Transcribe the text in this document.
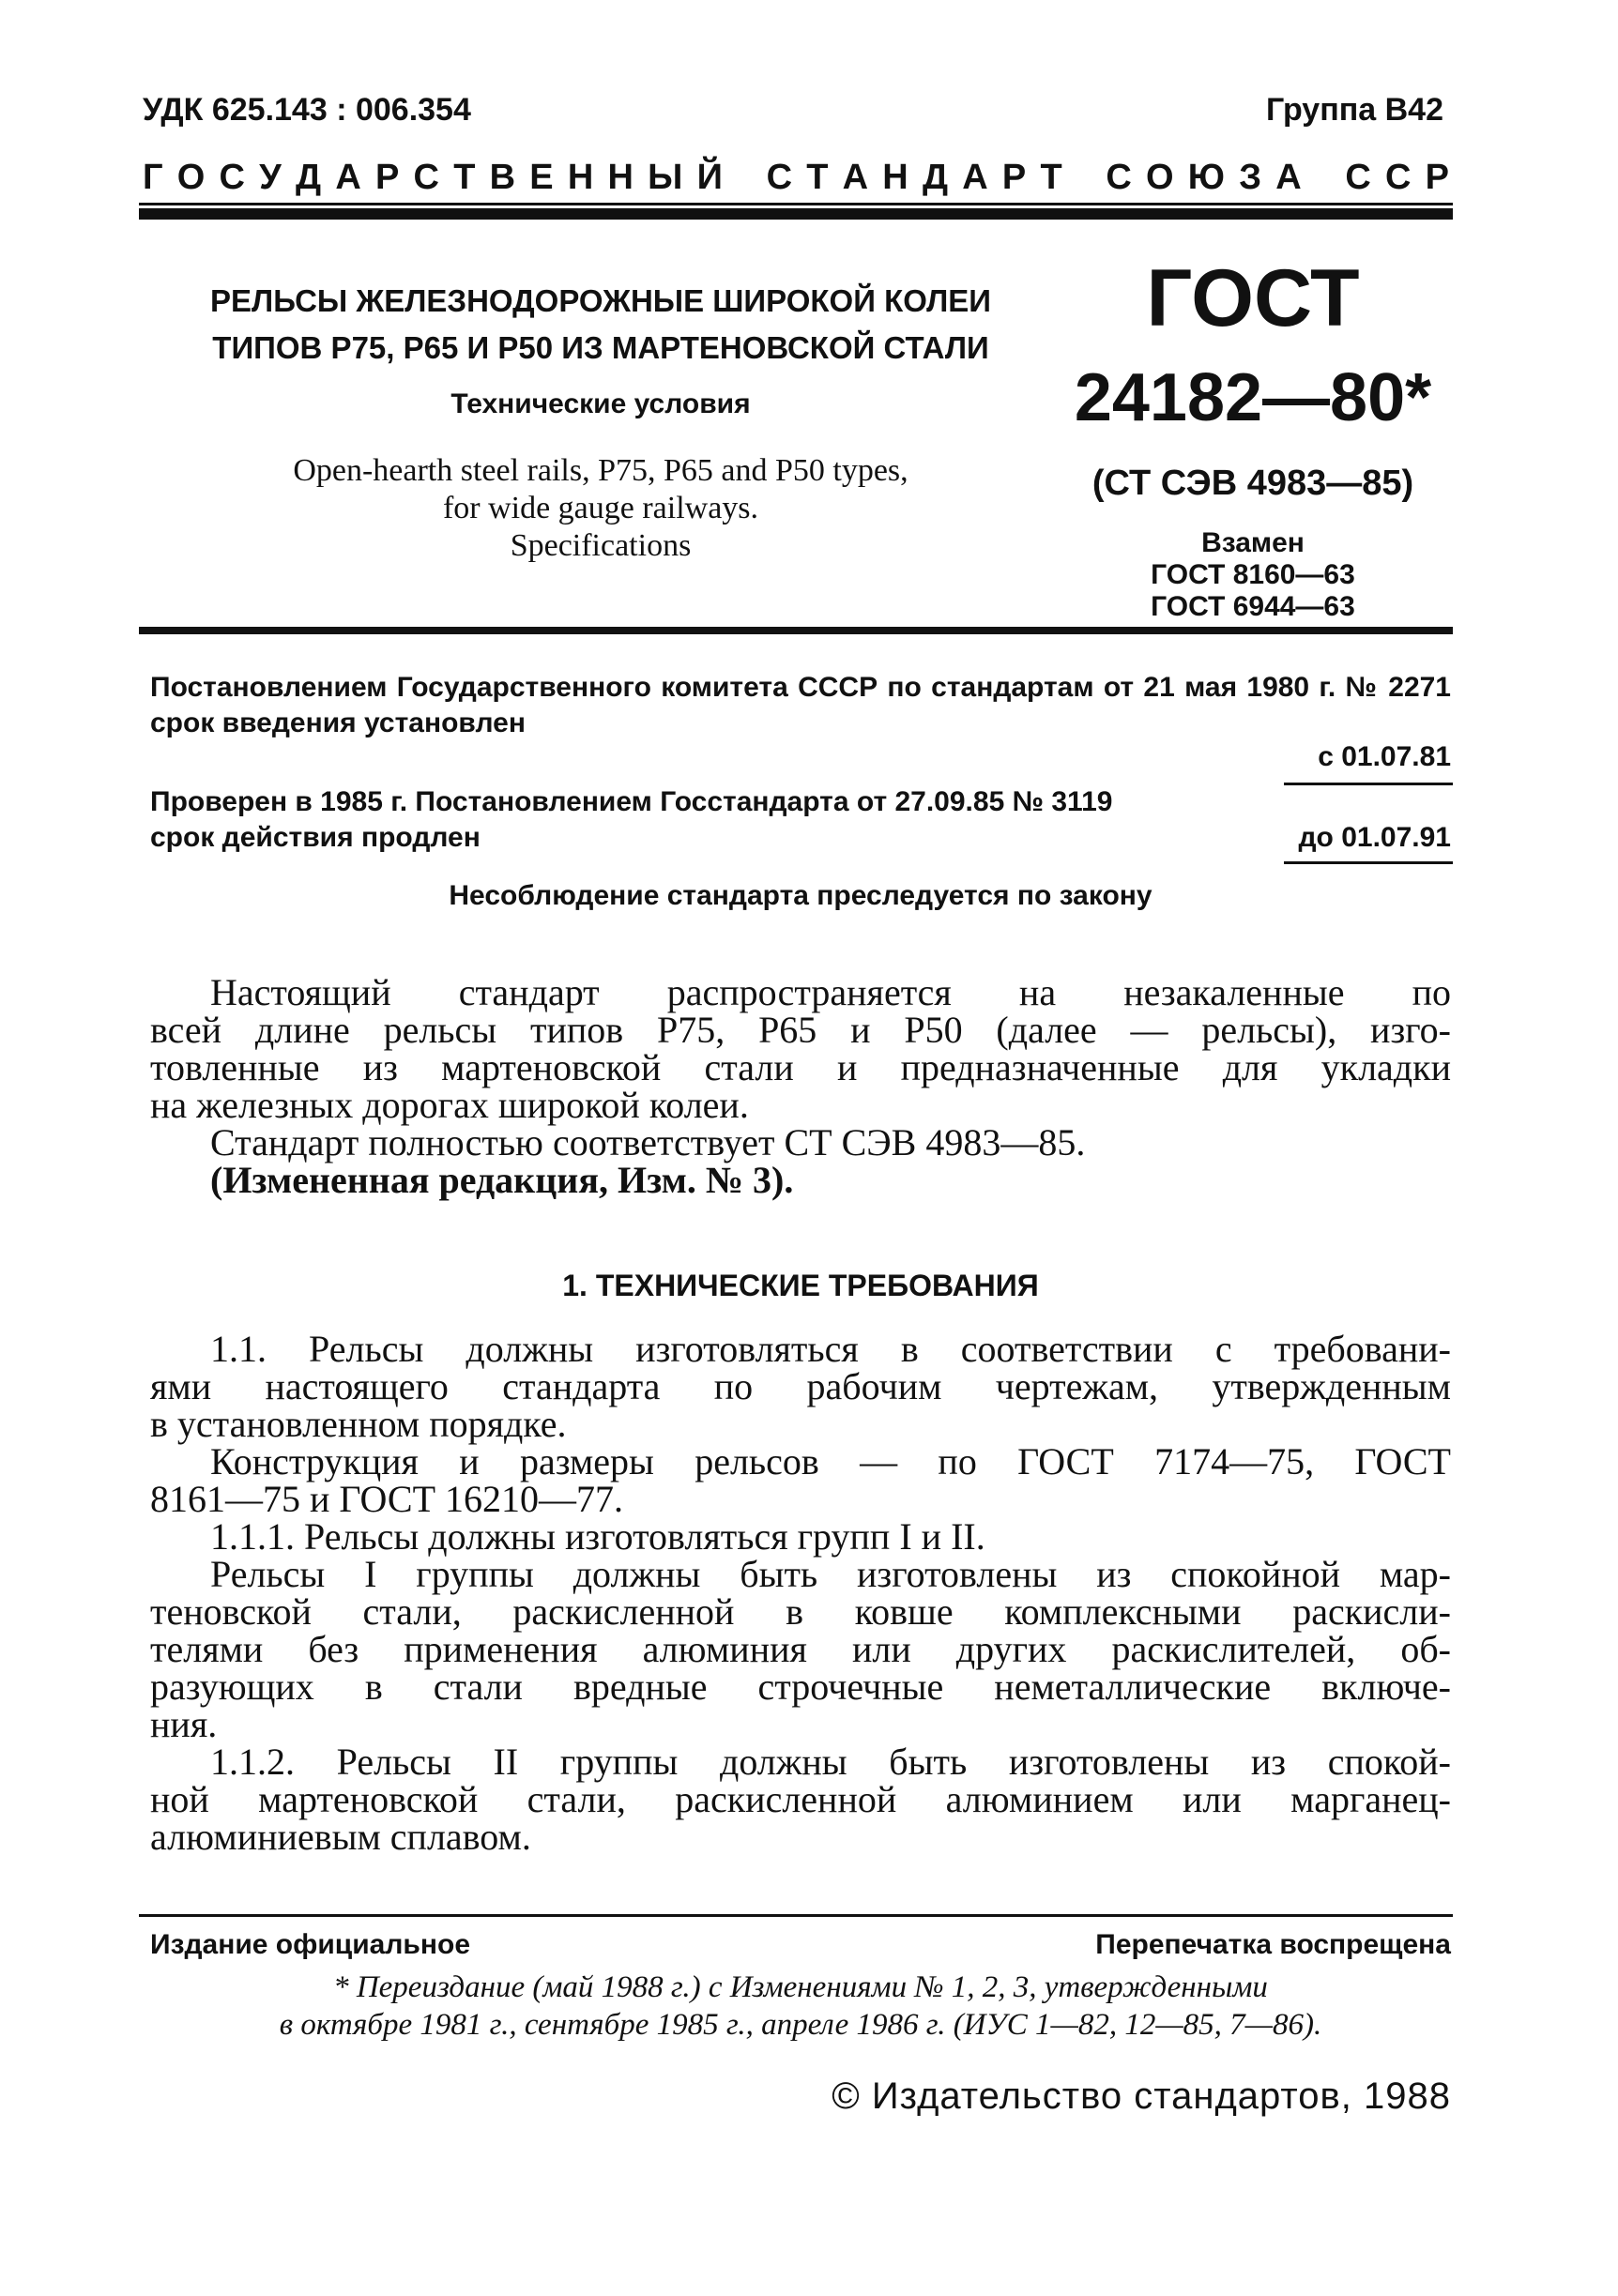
УДК 625.143 : 006.354	Группа В42
Г  О  С  У  Д  А  Р  С  Т  В  Е  Н  Н  Ы  Й С  Т  А  Н  Д  А  Р  Т С  О  Ю  З  А С  С  Р
РЕЛЬСЫ ЖЕЛЕЗНОДОРОЖНЫЕ ШИРОКОЙ КОЛЕИ
ТИПОВ Р75, Р65 И Р50 ИЗ МАРТЕНОВСКОЙ СТАЛИ
Технические условия
Open-hearth steel rails, P75, P65 and P50 types,
for wide gauge railways.
Specifications
ГОСТ
24182—80*
(СТ СЭВ 4983—85)
Взамен
ГОСТ 8160—63
ГОСТ 6944—63
Постановлением Государственного комитета СССР по стандартам от 21 мая 1980 г. № 2271 срок введения установлен
с 01.07.81
Проверен в 1985 г. Постановлением Госстандарта от 27.09.85 № 3119
срок действия продлен	до 01.07.91
Несоблюдение стандарта преследуется по закону
Настоящий стандарт распространяется на незакаленные по
всей длине рельсы типов Р75, Р65 и Р50 (далее — рельсы), изго-
товленные из мартеновской стали и предназначенные для укладки
на железных дорогах широкой колеи.
Стандарт полностью соответствует СТ СЭВ 4983—85.
(Измененная редакция, Изм. № 3).
1. ТЕХНИЧЕСКИЕ ТРЕБОВАНИЯ
1.1. Рельсы должны изготовляться в соответствии с требовани-
ями настоящего стандарта по рабочим чертежам, утвержденным
в установленном порядке.
Конструкция и размеры рельсов — по ГОСТ 7174—75, ГОСТ
8161—75 и ГОСТ 16210—77.
1.1.1. Рельсы должны изготовляться групп I и II.
Рельсы I группы должны быть изготовлены из спокойной мар-
теновской стали, раскисленной в ковше комплексными раскисли-
телями без применения алюминия или других раскислителей, об-
разующих в стали вредные строчечные неметаллические включе-
ния.
1.1.2. Рельсы II группы должны быть изготовлены из спокой-
ной мартеновской стали, раскисленной алюминием или марганец-
алюминиевым сплавом.
Издание официальное	Перепечатка воспрещена
* Переиздание (май 1988 г.) с Изменениями № 1, 2, 3, утвержденными
в октябре 1981 г., сентябре 1985 г., апреле 1986 г. (ИУС 1—82, 12—85, 7—86).
© Издательство стандартов, 1988
